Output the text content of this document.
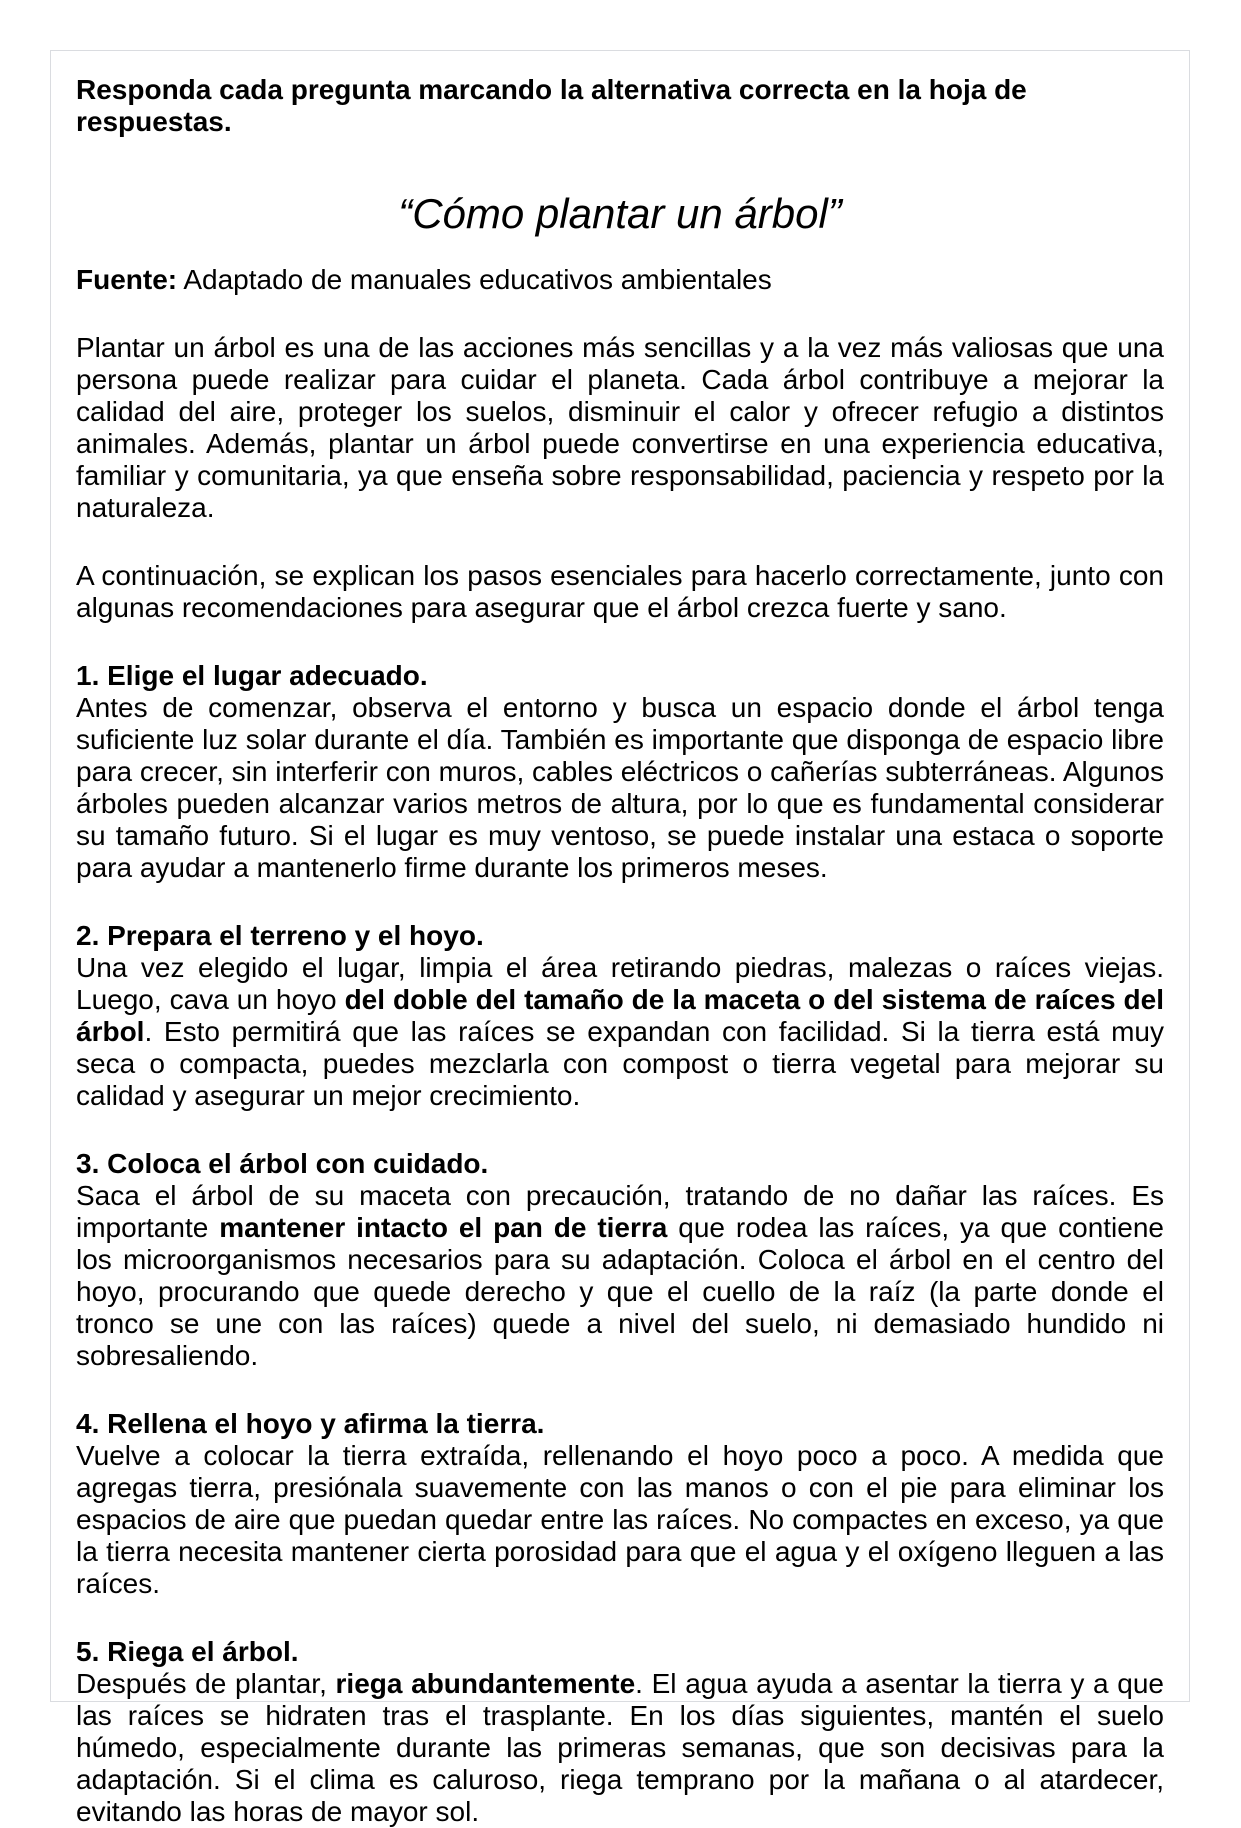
Responda cada pregunta marcando la alternativa correcta en la hoja de respuestas.

“Cómo plantar un árbol”

Fuente: Adaptado de manuales educativos ambientales

Plantar un árbol es una de las acciones más sencillas y a la vez más valiosas que una persona puede realizar para cuidar el planeta. Cada árbol contribuye a mejorar la calidad del aire, proteger los suelos, disminuir el calor y ofrecer refugio a distintos animales. Además, plantar un árbol puede convertirse en una experiencia educativa, familiar y comunitaria, ya que enseña sobre responsabilidad, paciencia y respeto por la naturaleza.

A continuación, se explican los pasos esenciales para hacerlo correctamente, junto con algunas recomendaciones para asegurar que el árbol crezca fuerte y sano.

1. Elige el lugar adecuado.

Antes de comenzar, observa el entorno y busca un espacio donde el árbol tenga suficiente luz solar durante el día. También es importante que disponga de espacio libre para crecer, sin interferir con muros, cables eléctricos o cañerías subterráneas. Algunos árboles pueden alcanzar varios metros de altura, por lo que es fundamental considerar su tamaño futuro. Si el lugar es muy ventoso, se puede instalar una estaca o soporte para ayudar a mantenerlo firme durante los primeros meses.

2. Prepara el terreno y el hoyo.

Una vez elegido el lugar, limpia el área retirando piedras, malezas o raíces viejas. Luego, cava un hoyo del doble del tamaño de la maceta o del sistema de raíces del árbol. Esto permitirá que las raíces se expandan con facilidad. Si la tierra está muy seca o compacta, puedes mezclarla con compost o tierra vegetal para mejorar su calidad y asegurar un mejor crecimiento.

3. Coloca el árbol con cuidado.

Saca el árbol de su maceta con precaución, tratando de no dañar las raíces. Es importante mantener intacto el pan de tierra que rodea las raíces, ya que contiene los microorganismos necesarios para su adaptación. Coloca el árbol en el centro del hoyo, procurando que quede derecho y que el cuello de la raíz (la parte donde el tronco se une con las raíces) quede a nivel del suelo, ni demasiado hundido ni sobresaliendo.

4. Rellena el hoyo y afirma la tierra.

Vuelve a colocar la tierra extraída, rellenando el hoyo poco a poco. A medida que agregas tierra, presiónala suavemente con las manos o con el pie para eliminar los espacios de aire que puedan quedar entre las raíces. No compactes en exceso, ya que la tierra necesita mantener cierta porosidad para que el agua y el oxígeno lleguen a las raíces.

5. Riega el árbol.

Después de plantar, riega abundantemente. El agua ayuda a asentar la tierra y a que las raíces se hidraten tras el trasplante. En los días siguientes, mantén el suelo húmedo, especialmente durante las primeras semanas, que son decisivas para la adaptación. Si el clima es caluroso, riega temprano por la mañana o al atardecer, evitando las horas de mayor sol.
